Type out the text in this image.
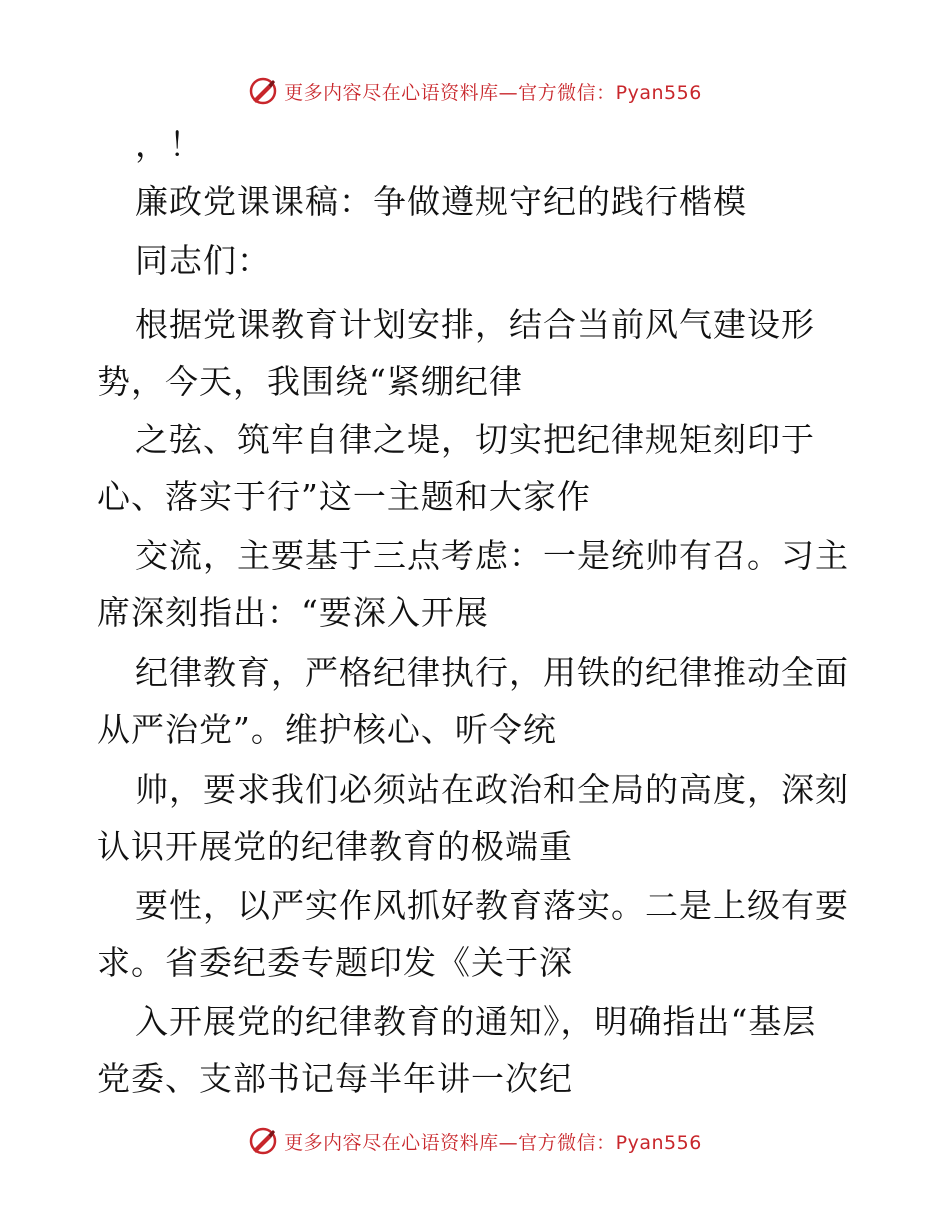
更多内容尽在心语资料库—官方微信：Pyan556
，！
廉政党课课稿：争做遵规守纪的践行楷模
同志们：
根据党课教育计划安排，结合当前风气建设形
势，今天，我围绕“紧绷纪律
之弦、筑牢自律之堤，切实把纪律规矩刻印于
心、落实于行”这一主题和大家作
交流，主要基于三点考虑：一是统帅有召。习主
席深刻指出：“要深入开展
纪律教育，严格纪律执行，用铁的纪律推动全面
从严治党”。维护核心、听令统
帅，要求我们必须站在政治和全局的高度，深刻
认识开展党的纪律教育的极端重
要性，以严实作风抓好教育落实。二是上级有要
求。省委纪委专题印发《关于深
入开展党的纪律教育的通知》，明确指出“基层
党委、支部书记每半年讲一次纪
更多内容尽在心语资料库—官方微信：Pyan556
